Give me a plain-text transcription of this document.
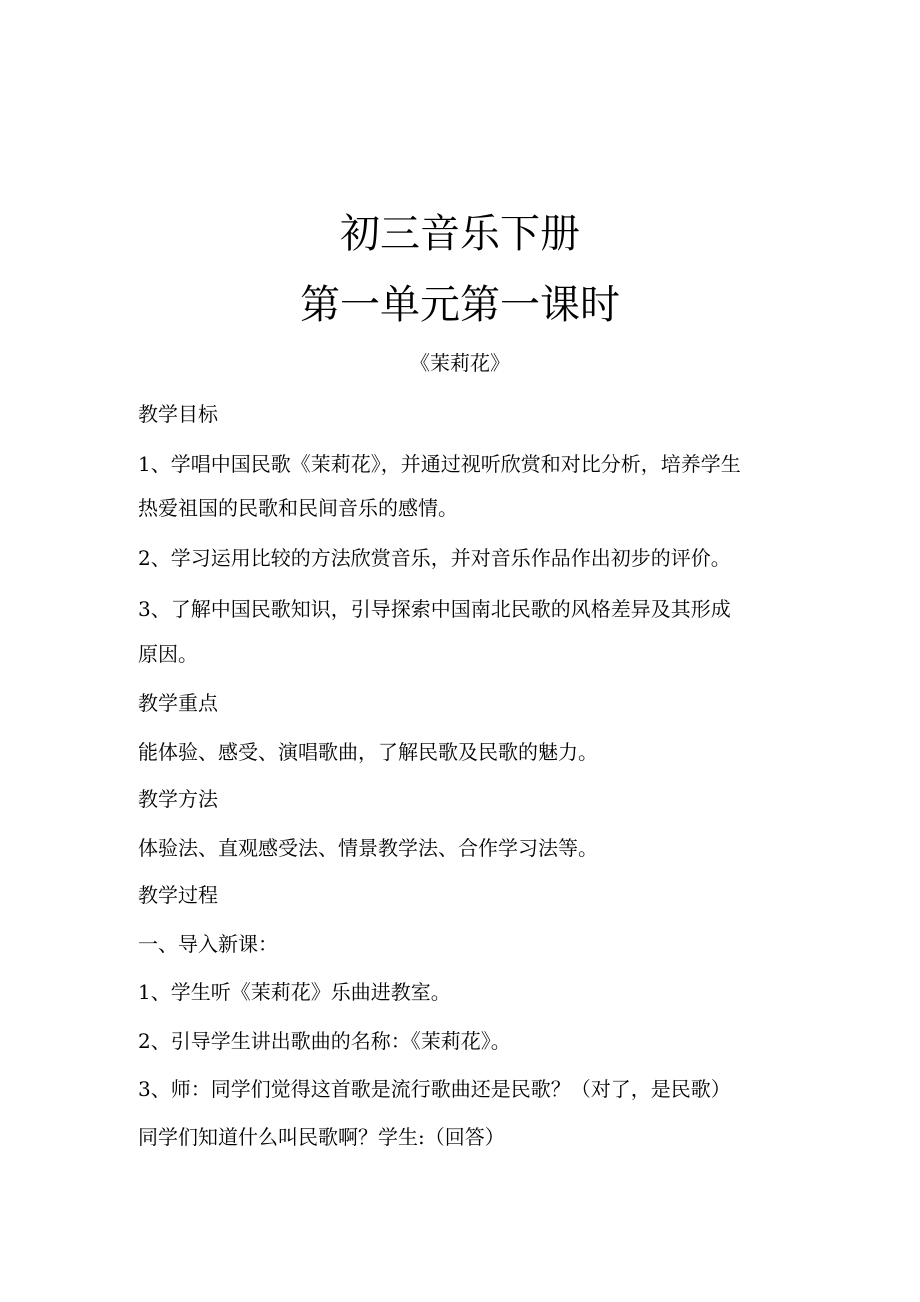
初三音乐下册
第一单元第一课时
《茉莉花》
教学目标
1、学唱中国民歌《茉莉花》，并通过视听欣赏和对比分析，培养学生
热爱祖国的民歌和民间音乐的感情。
2、学习运用比较的方法欣赏音乐，并对音乐作品作出初步的评价。
3、了解中国民歌知识，引导探索中国南北民歌的风格差异及其形成
原因。
教学重点
能体验、感受、演唱歌曲，了解民歌及民歌的魅力。
教学方法
体验法、直观感受法、情景教学法、合作学习法等。
教学过程
一、导入新课：
1、学生听《茉莉花》乐曲进教室。
2、引导学生讲出歌曲的名称：《茉莉花》。
3、师：同学们觉得这首歌是流行歌曲还是民歌？（对了，是民歌）
同学们知道什么叫民歌啊？学生:（回答）
